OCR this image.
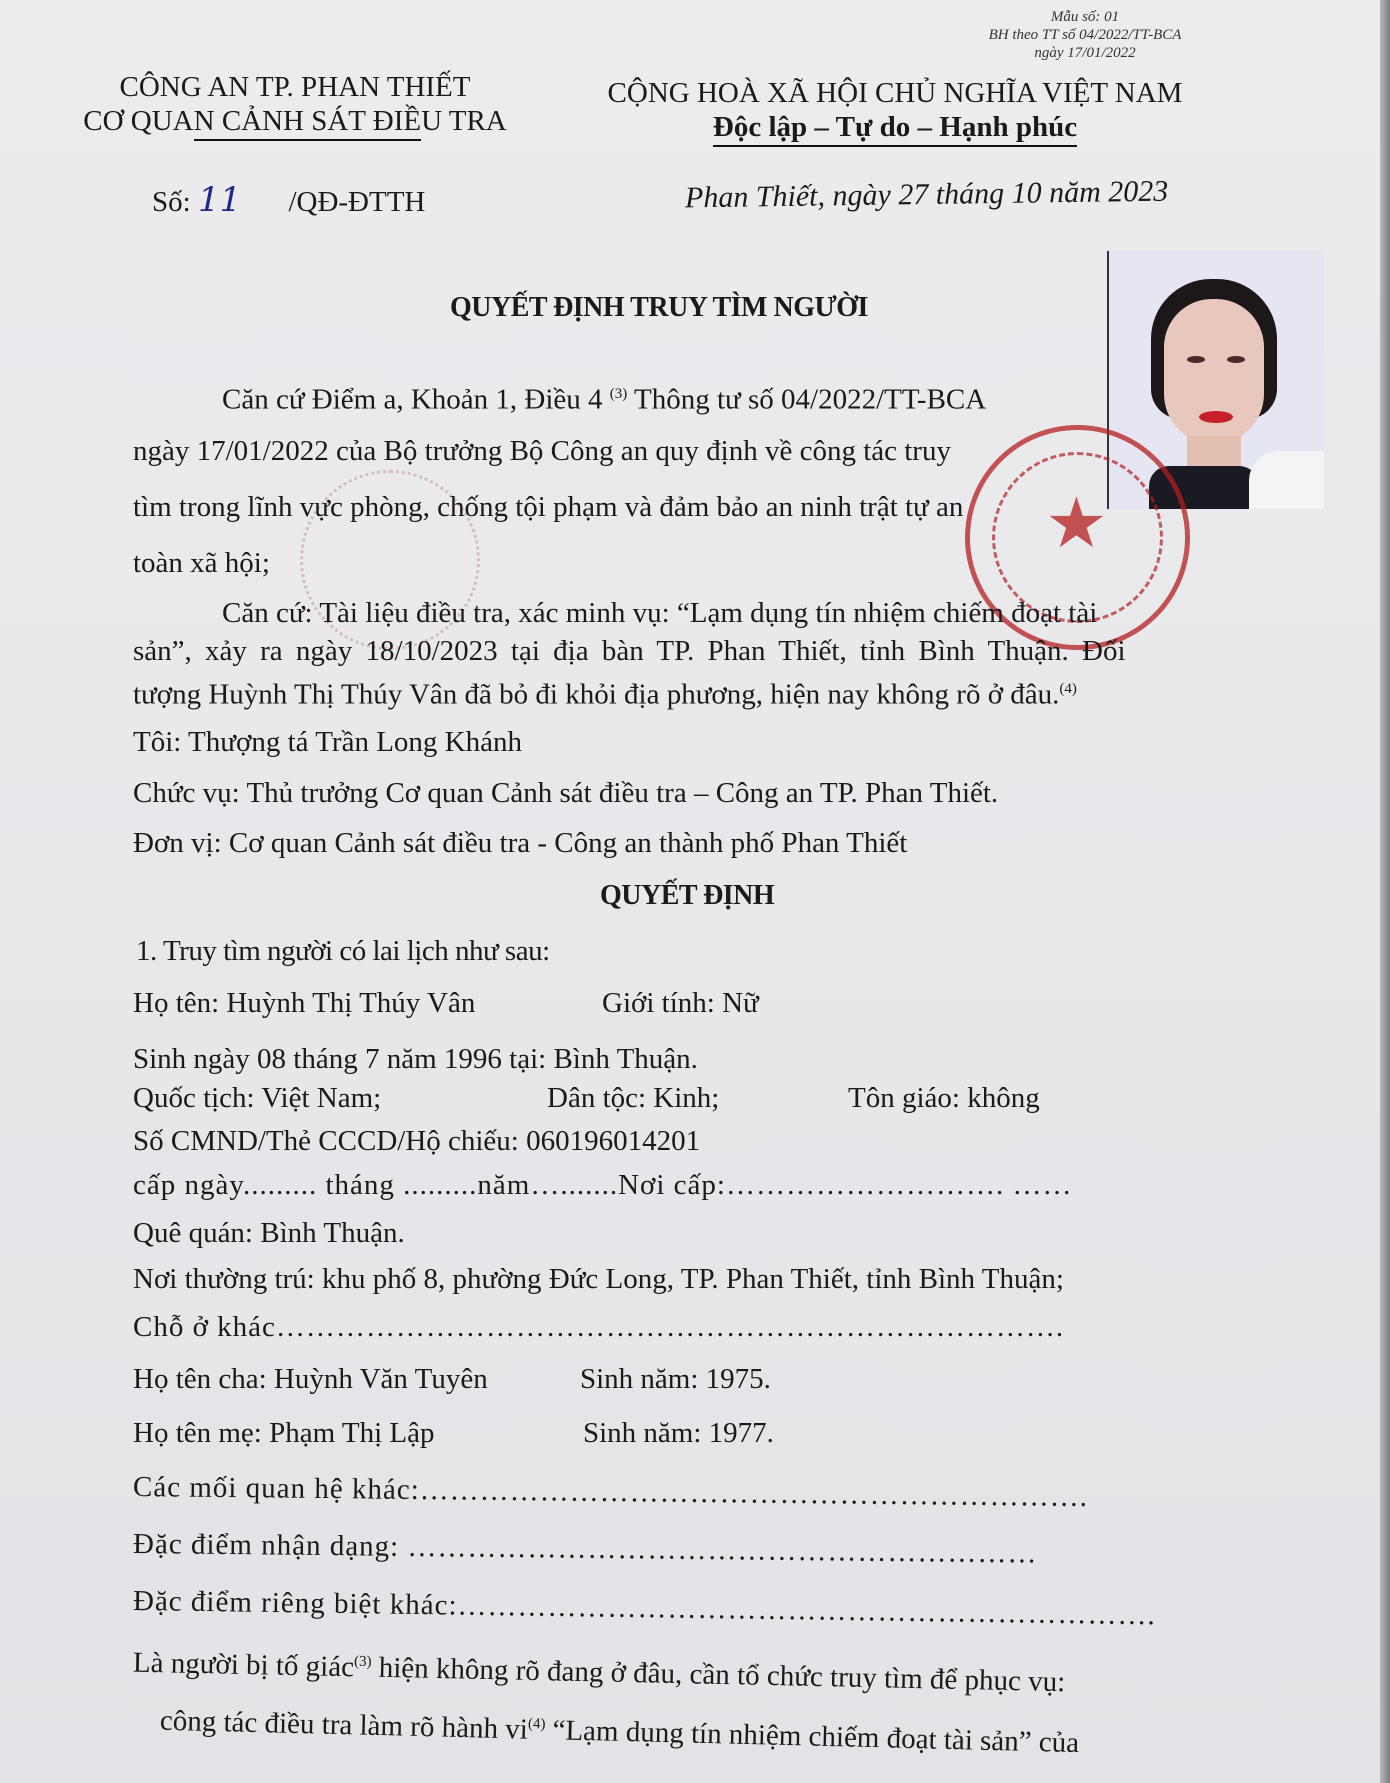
Mẫu số: 01
BH theo TT số 04/2022/TT-BCA
ngày 17/01/2022
CÔNG AN TP. PHAN THIẾT
CƠ QUAN CẢNH SÁT ĐIỀU TRA
CỘNG HOÀ XÃ HỘI CHỦ NGHĨA VIỆT NAM
Độc lập – Tự do – Hạnh phúc
Số: 11 /QĐ-ĐTTH	Phan Thiết, ngày 27 tháng 10 năm 2023
QUYẾT ĐỊNH TRUY TÌM NGƯỜI
★
Căn cứ Điểm a, Khoản 1, Điều 4 $^{(3)}$ Thông tư số 04/2022/TT-BCA
ngày 17/01/2022 của Bộ trưởng Bộ Công an quy định về công tác truy
tìm trong lĩnh vực phòng, chống tội phạm và đảm bảo an ninh trật tự an
toàn xã hội;
Căn cứ: Tài liệu điều tra, xác minh vụ: “Lạm dụng tín nhiệm chiếm đoạt tài
sản”, xảy ra ngày 18/10/2023 tại địa bàn TP. Phan Thiết, tỉnh Bình Thuận. Đối
tượng Huỳnh Thị Thúy Vân đã bỏ đi khỏi địa phương, hiện nay không rõ ở đâu.$^{(4)}$
Tôi: Thượng tá Trần Long Khánh
Chức vụ: Thủ trưởng Cơ quan Cảnh sát điều tra – Công an TP. Phan Thiết.
Đơn vị: Cơ quan Cảnh sát điều tra - Công an thành phố Phan Thiết
QUYẾT ĐỊNH
1. Truy tìm người có lai lịch như sau:
Họ tên: Huỳnh Thị Thúy Vân	Giới tính: Nữ
Sinh ngày 08 tháng 7 năm 1996 tại: Bình Thuận.
Quốc tịch: Việt Nam;	Dân tộc: Kinh;	Tôn giáo: không
Số CMND/Thẻ CCCD/Hộ chiếu: 060196014201
cấp ngày......... tháng .........năm….......Nơi cấp:………………………. ……
Quê quán: Bình Thuận.
Nơi thường trú: khu phố 8, phường Đức Long, TP. Phan Thiết, tỉnh Bình Thuận;
Chỗ ở khác…………………………………………………………………….
Họ tên cha: Huỳnh Văn Tuyên	Sinh năm: 1975.
Họ tên mẹ: Phạm Thị Lập	Sinh năm: 1977.
Các mối quan hệ khác:………………………………………………………….
Đặc điểm nhận dạng: ………………………………………………………
Đặc điểm riêng biệt khác:…………………………………………………………….
Là người bị tố giác$^{(3)}$ hiện không rõ đang ở đâu, cần tổ chức truy tìm để phục vụ:
công tác điều tra làm rõ hành $vi^{(4)}$ “Lạm dụng tín nhiệm chiếm đoạt tài sản” của
